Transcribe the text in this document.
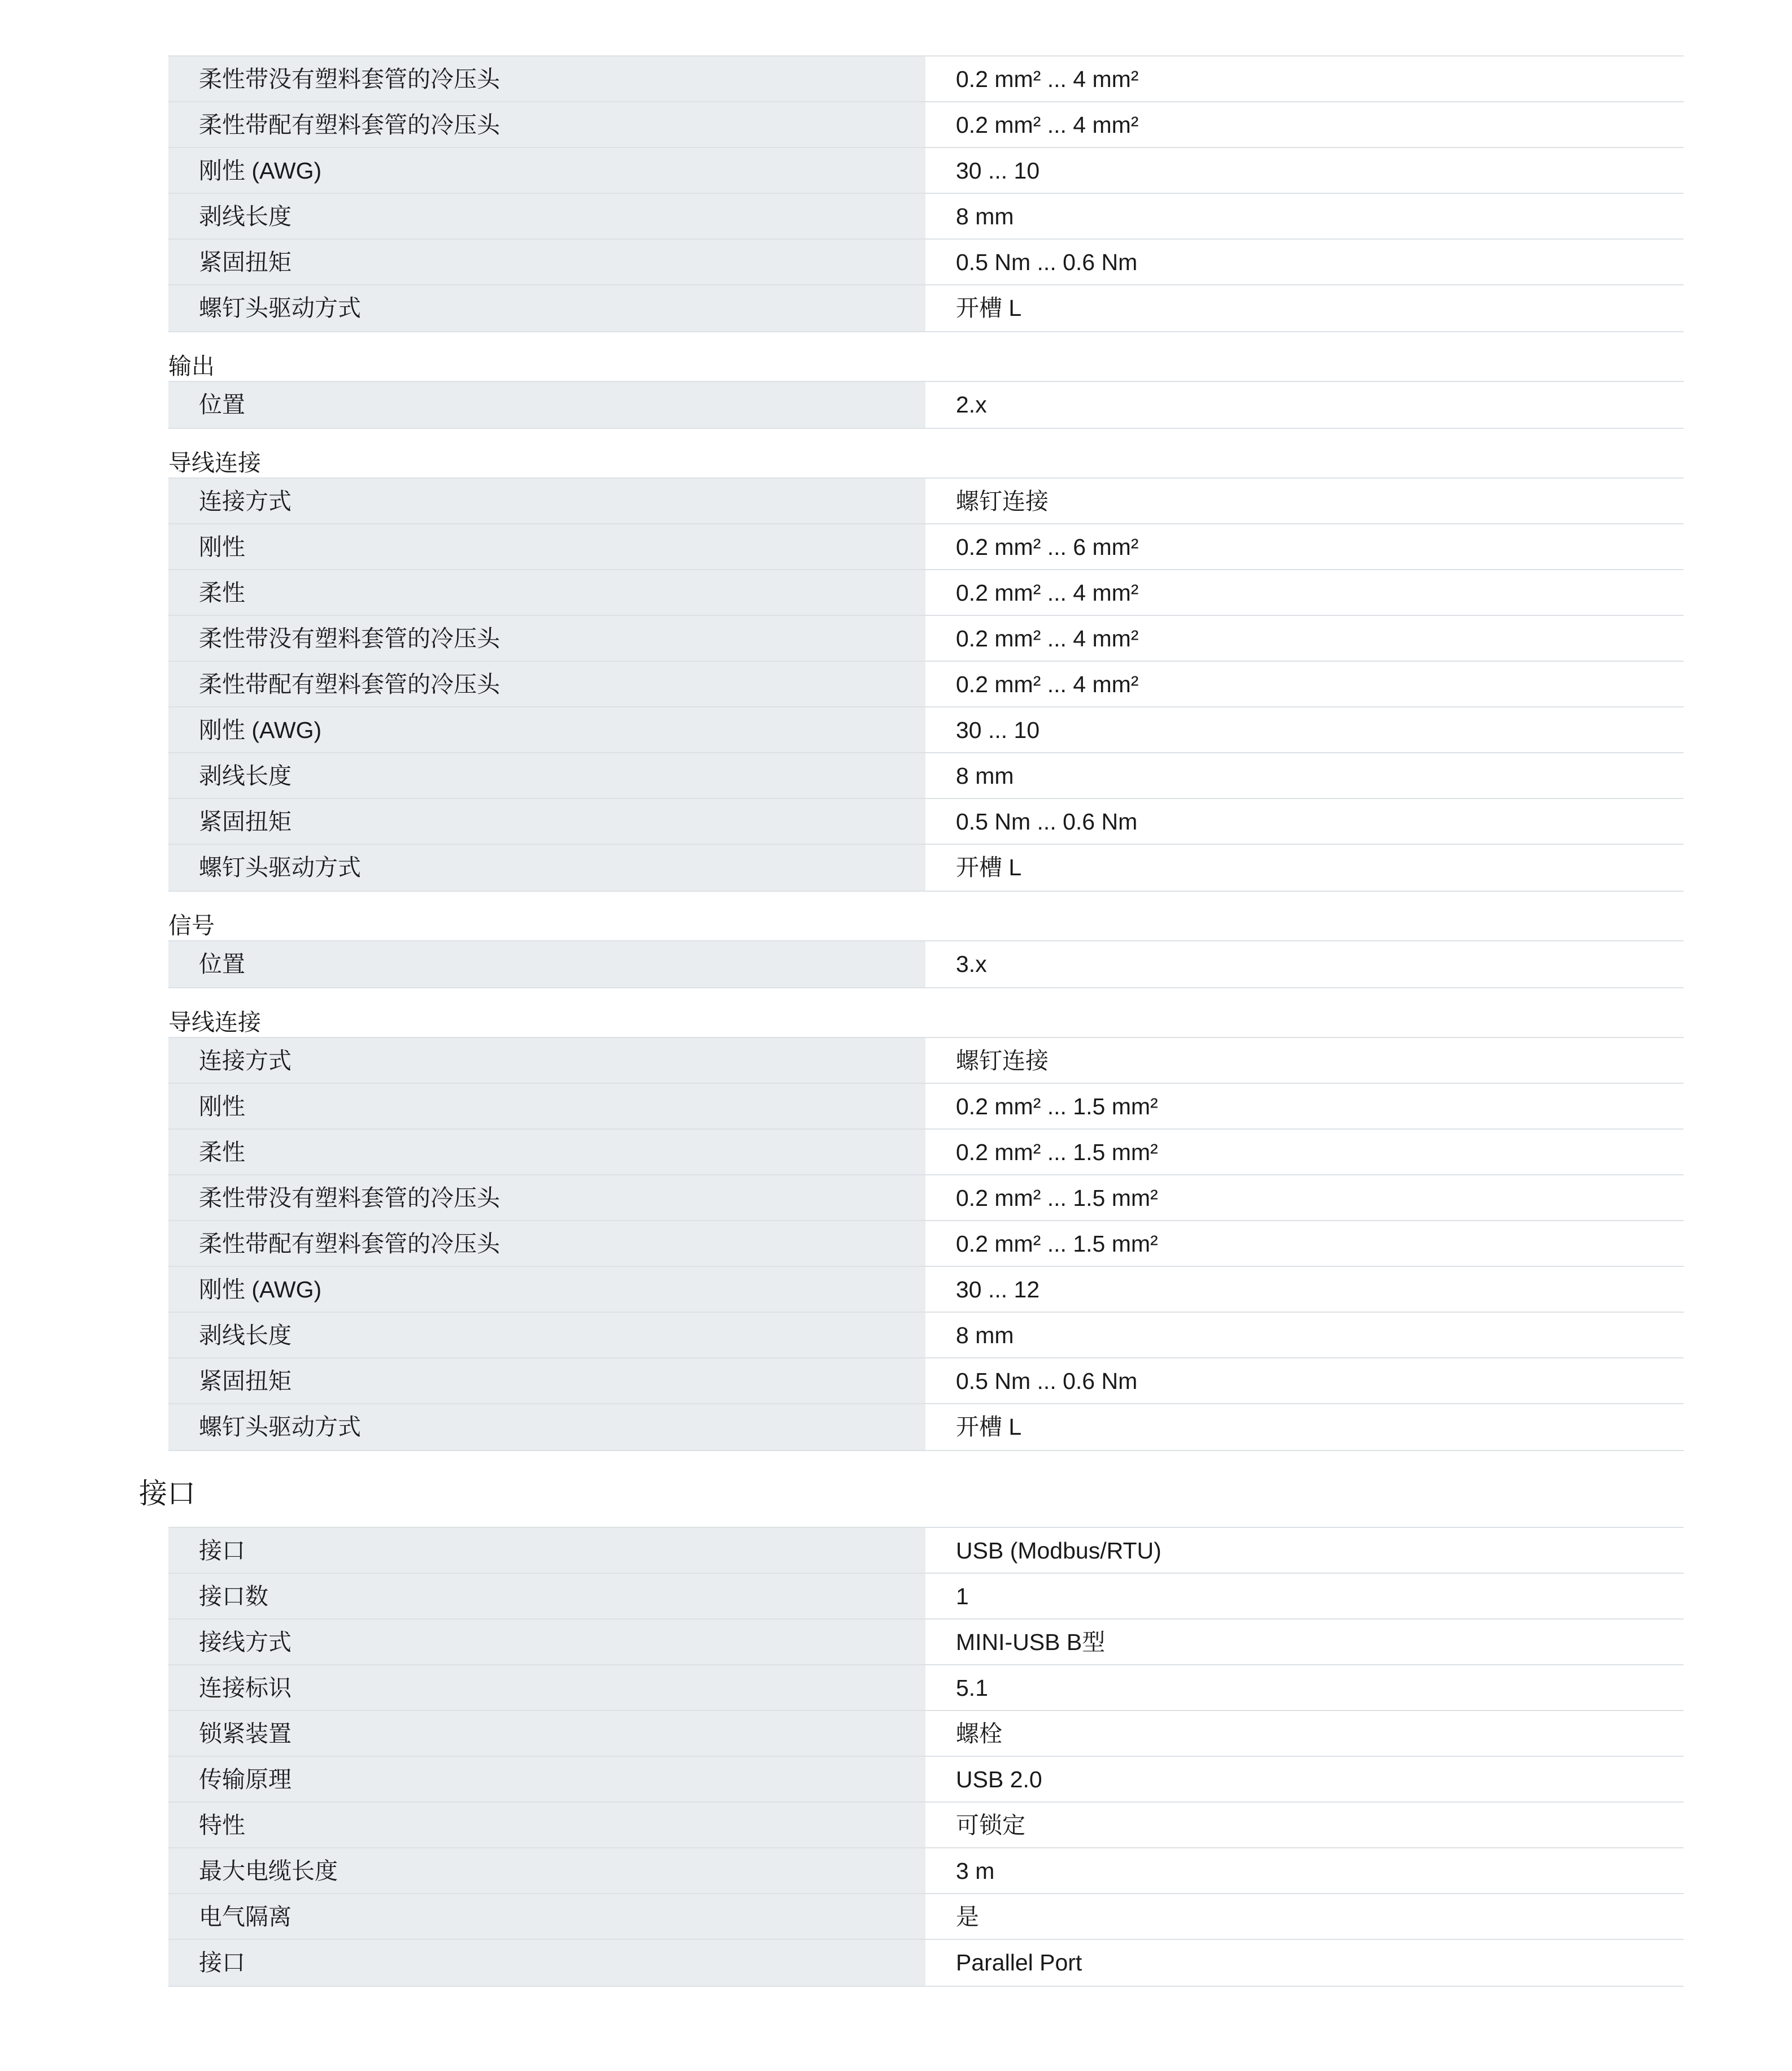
柔性带没有塑料套管的冷压头	0.2 mm² ... 4 mm²
柔性带配有塑料套管的冷压头	0.2 mm² ... 4 mm²
刚性 (AWG)	30 ... 10
剥线长度	8 mm
紧固扭矩	0.5 Nm ... 0.6 Nm
螺钉头驱动方式	开槽 L
输出
位置	2.x
导线连接
连接方式	螺钉连接
刚性	0.2 mm² ... 6 mm²
柔性	0.2 mm² ... 4 mm²
柔性带没有塑料套管的冷压头	0.2 mm² ... 4 mm²
柔性带配有塑料套管的冷压头	0.2 mm² ... 4 mm²
刚性 (AWG)	30 ... 10
剥线长度	8 mm
紧固扭矩	0.5 Nm ... 0.6 Nm
螺钉头驱动方式	开槽 L
信号
位置	3.x
导线连接
连接方式	螺钉连接
刚性	0.2 mm² ... 1.5 mm²
柔性	0.2 mm² ... 1.5 mm²
柔性带没有塑料套管的冷压头	0.2 mm² ... 1.5 mm²
柔性带配有塑料套管的冷压头	0.2 mm² ... 1.5 mm²
刚性 (AWG)	30 ... 12
剥线长度	8 mm
紧固扭矩	0.5 Nm ... 0.6 Nm
螺钉头驱动方式	开槽 L
接口
接口	USB (Modbus/RTU)
接口数	1
接线方式	MINI-USB B型
连接标识	5.1
锁紧装置	螺栓
传输原理	USB 2.0
特性	可锁定
最大电缆长度	3 m
电气隔离	是
接口	Parallel Port
